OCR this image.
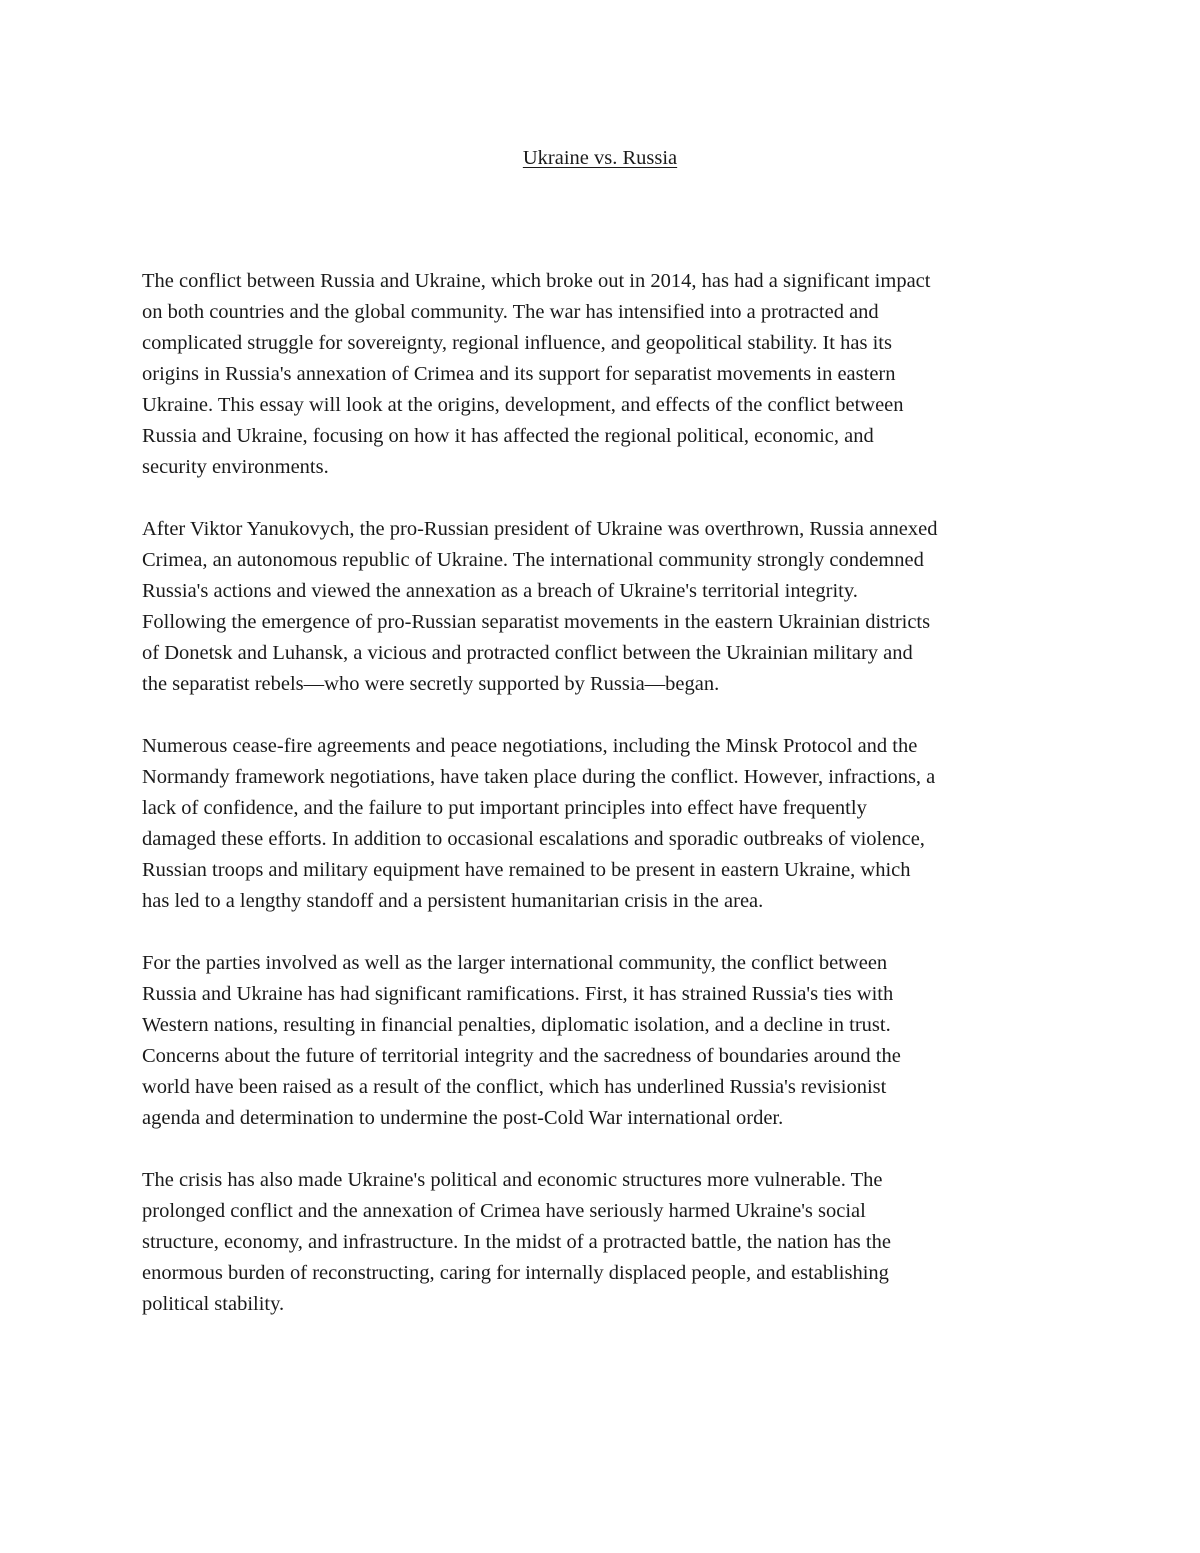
Ukraine vs. Russia

The conflict between Russia and Ukraine, which broke out in 2014, has had a significant impact
on both countries and the global community. The war has intensified into a protracted and
complicated struggle for sovereignty, regional influence, and geopolitical stability. It has its
origins in Russia's annexation of Crimea and its support for separatist movements in eastern
Ukraine. This essay will look at the origins, development, and effects of the conflict between
Russia and Ukraine, focusing on how it has affected the regional political, economic, and
security environments.

After Viktor Yanukovych, the pro-Russian president of Ukraine was overthrown, Russia annexed
Crimea, an autonomous republic of Ukraine. The international community strongly condemned
Russia's actions and viewed the annexation as a breach of Ukraine's territorial integrity.
Following the emergence of pro-Russian separatist movements in the eastern Ukrainian districts
of Donetsk and Luhansk, a vicious and protracted conflict between the Ukrainian military and
the separatist rebels—who were secretly supported by Russia—began.

Numerous cease-fire agreements and peace negotiations, including the Minsk Protocol and the
Normandy framework negotiations, have taken place during the conflict. However, infractions, a
lack of confidence, and the failure to put important principles into effect have frequently
damaged these efforts. In addition to occasional escalations and sporadic outbreaks of violence,
Russian troops and military equipment have remained to be present in eastern Ukraine, which
has led to a lengthy standoff and a persistent humanitarian crisis in the area.

For the parties involved as well as the larger international community, the conflict between
Russia and Ukraine has had significant ramifications. First, it has strained Russia's ties with
Western nations, resulting in financial penalties, diplomatic isolation, and a decline in trust.
Concerns about the future of territorial integrity and the sacredness of boundaries around the
world have been raised as a result of the conflict, which has underlined Russia's revisionist
agenda and determination to undermine the post-Cold War international order.

The crisis has also made Ukraine's political and economic structures more vulnerable. The
prolonged conflict and the annexation of Crimea have seriously harmed Ukraine's social
structure, economy, and infrastructure. In the midst of a protracted battle, the nation has the
enormous burden of reconstructing, caring for internally displaced people, and establishing
political stability.
